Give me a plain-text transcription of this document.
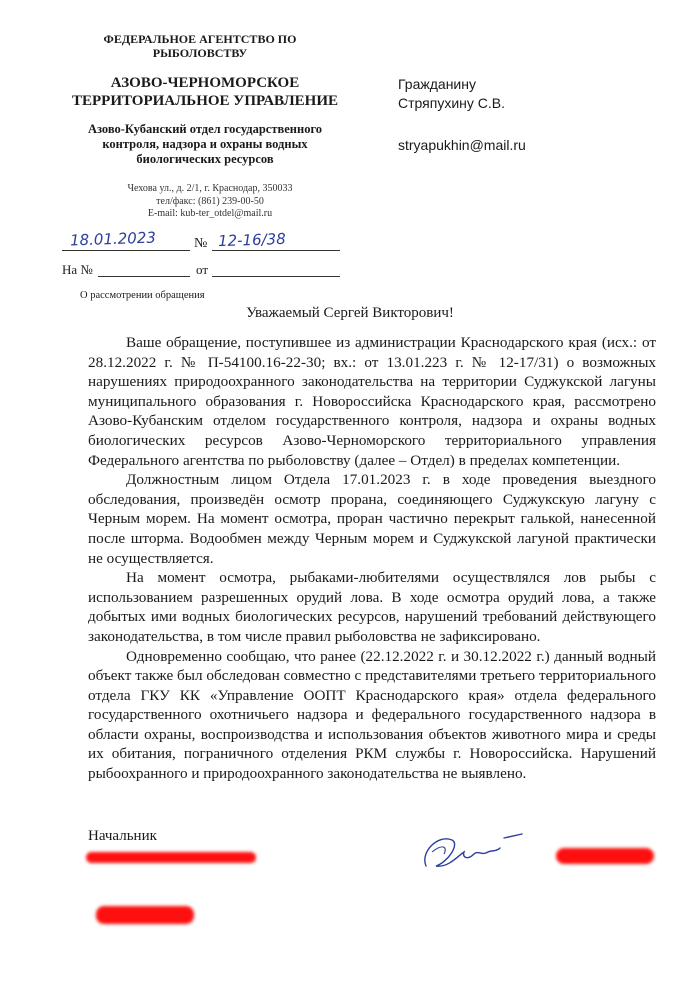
ФЕДЕРАЛЬНОЕ АГЕНТСТВО ПО РЫБОЛОВСТВУ
АЗОВО-ЧЕРНОМОРСКОЕ ТЕРРИТОРИАЛЬНОЕ УПРАВЛЕНИЕ
Азово-Кубанский отдел государственного контроля, надзора и охраны водных биологических ресурсов
Чехова ул., д. 2/1, г. Краснодар, 350033
тел/факс: (861) 239-00-50
E-mail: kub-ter_otdel@mail.ru
Гражданину
Стряпухину С.В.
stryapukhin@mail.ru
18.01.2023	№ 12-16/38
На №	от
О рассмотрении обращения
Уважаемый Сергей Викторович!

Ваше обращение, поступившее из администрации Краснодарского края (исх.: от 28.12.2022 г. № П-54100.16-22-30; вх.: от 13.01.223 г. № 12-17/31) о возможных нарушениях природоохранного законодательства на территории Суджукской лагуны муниципального образования г. Новороссийска Краснодарского края, рассмотрено Азово-Кубанским отделом государственного контроля, надзора и охраны водных биологических ресурсов Азово-Черноморского территориального управления Федерального агентства по рыболовству (далее – Отдел) в пределах компетенции.

Должностным лицом Отдела 17.01.2023 г. в ходе проведения выездного обследования, произведён осмотр прорана, соединяющего Суджукскую лагуну с Черным морем. На момент осмотра, проран частично перекрыт галькой, нанесенной после шторма. Водообмен между Черным морем и Суджукской лагуной практически не осуществляется.

На момент осмотра, рыбаками-любителями осуществлялся лов рыбы с использованием разрешенных орудий лова. В ходе осмотра орудий лова, а также добытых ими водных биологических ресурсов, нарушений требований действующего законодательства, в том числе правил рыболовства не зафиксировано.

Одновременно сообщаю, что ранее (22.12.2022 г. и 30.12.2022 г.) данный водный объект также был обследован совместно с представителями третьего территориального отдела ГКУ КК «Управление ООПТ Краснодарского края» отдела федерального государственного охотничьего надзора и федерального государственного надзора в области охраны, воспроизводства и использования объектов животного мира и среды их обитания, пограничного отделения РКМ службы г. Новороссийска. Нарушений рыбоохранного и природоохранного законодательства не выявлено.

Начальник
